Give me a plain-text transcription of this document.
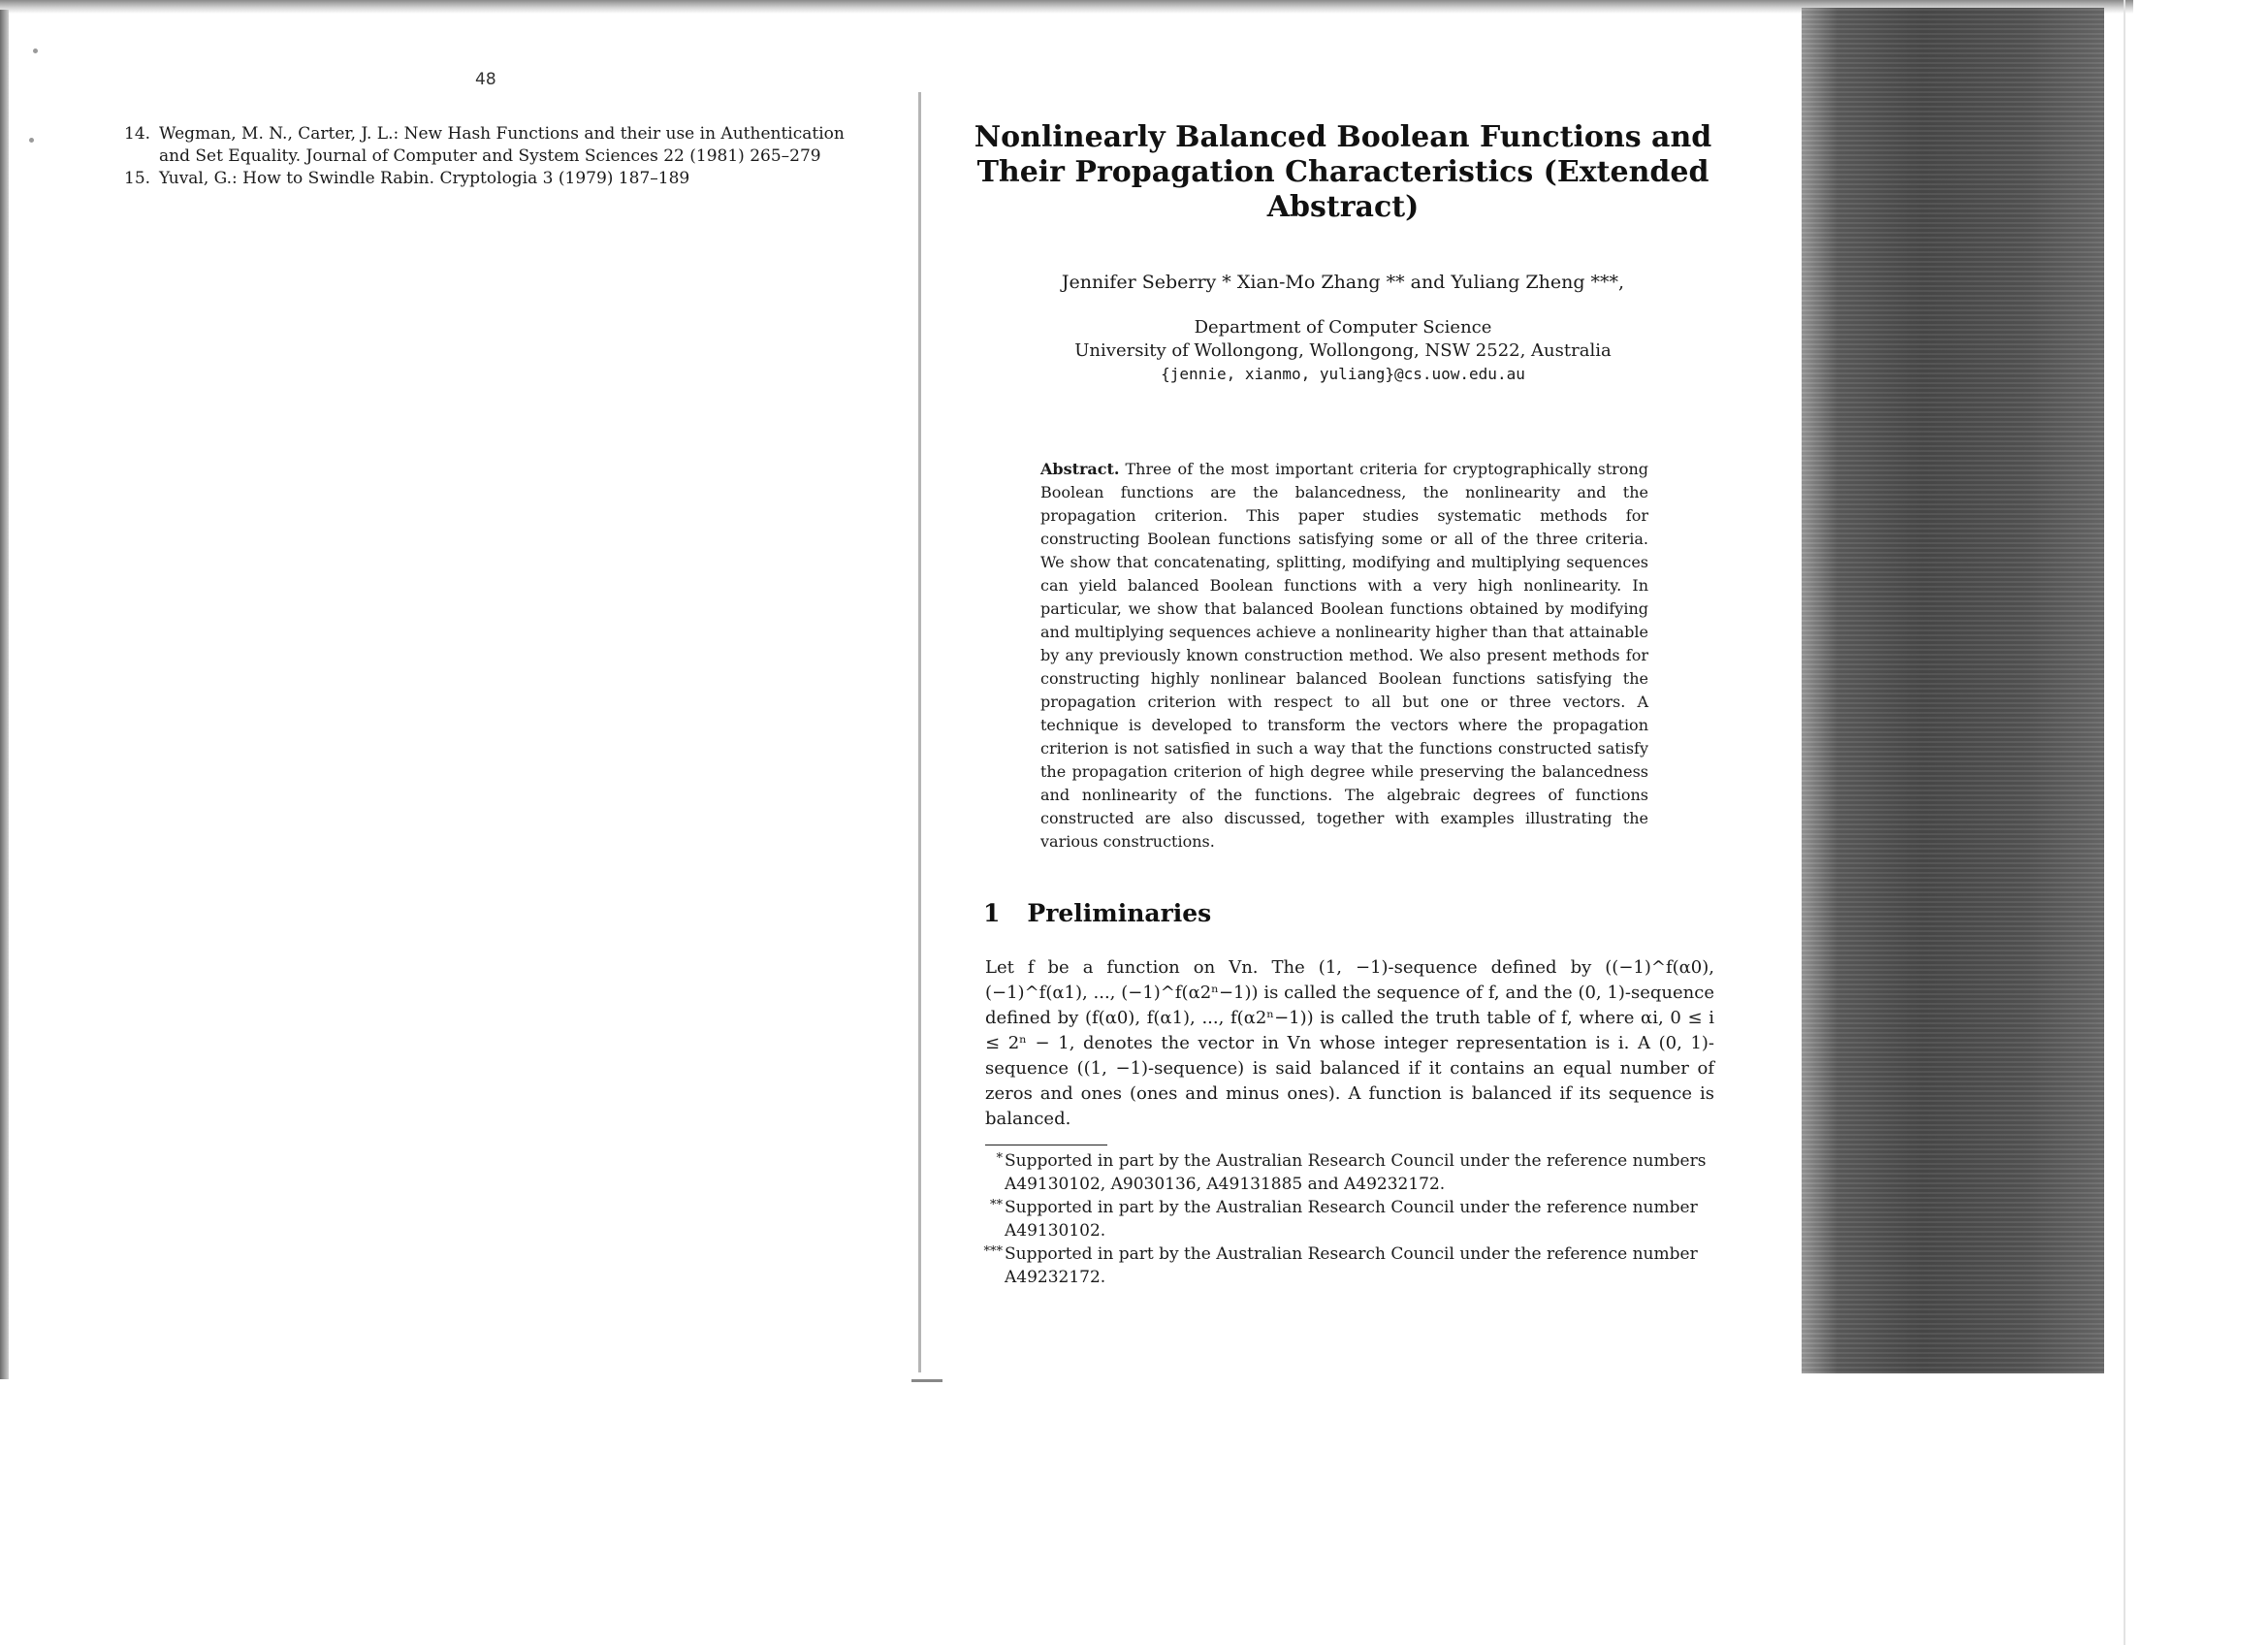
48
14. Wegman, M. N., Carter, J. L.: New Hash Functions and their use in Authentication and Set Equality. Journal of Computer and System Sciences 22 (1981) 265–279
15. Yuval, G.: How to Swindle Rabin. Cryptologia 3 (1979) 187–189
Nonlinearly Balanced Boolean Functions and Their Propagation Characteristics (Extended Abstract)
Jennifer Seberry * Xian-Mo Zhang ** and Yuliang Zheng ***,
Department of Computer Science
University of Wollongong, Wollongong, NSW 2522, Australia
{jennie, xianmo, yuliang}@cs.uow.edu.au
Abstract. Three of the most important criteria for cryptographically strong Boolean functions are the balancedness, the nonlinearity and the propagation criterion. This paper studies systematic methods for constructing Boolean functions satisfying some or all of the three criteria. We show that concatenating, splitting, modifying and multiplying sequences can yield balanced Boolean functions with a very high nonlinearity. In particular, we show that balanced Boolean functions obtained by modifying and multiplying sequences achieve a nonlinearity higher than that attainable by any previously known construction method. We also present methods for constructing highly nonlinear balanced Boolean functions satisfying the propagation criterion with respect to all but one or three vectors. A technique is developed to transform the vectors where the propagation criterion is not satisfied in such a way that the functions constructed satisfy the propagation criterion of high degree while preserving the balancedness and nonlinearity of the functions. The algebraic degrees of functions constructed are also discussed, together with examples illustrating the various constructions.
1 Preliminaries
Let f be a function on Vn. The (1, −1)-sequence defined by ((−1)^f(α0), (−1)^f(α1), ..., (−1)^f(α2ⁿ−1)) is called the sequence of f, and the (0, 1)-sequence defined by (f(α0), f(α1), ..., f(α2ⁿ−1)) is called the truth table of f, where αi, 0 ≤ i ≤ 2ⁿ − 1, denotes the vector in Vn whose integer representation is i. A (0, 1)-sequence ((1, −1)-sequence) is said balanced if it contains an equal number of zeros and ones (ones and minus ones). A function is balanced if its sequence is balanced.
* Supported in part by the Australian Research Council under the reference numbers A49130102, A9030136, A49131885 and A49232172.
** Supported in part by the Australian Research Council under the reference number A49130102.
*** Supported in part by the Australian Research Council under the reference number A49232172.
